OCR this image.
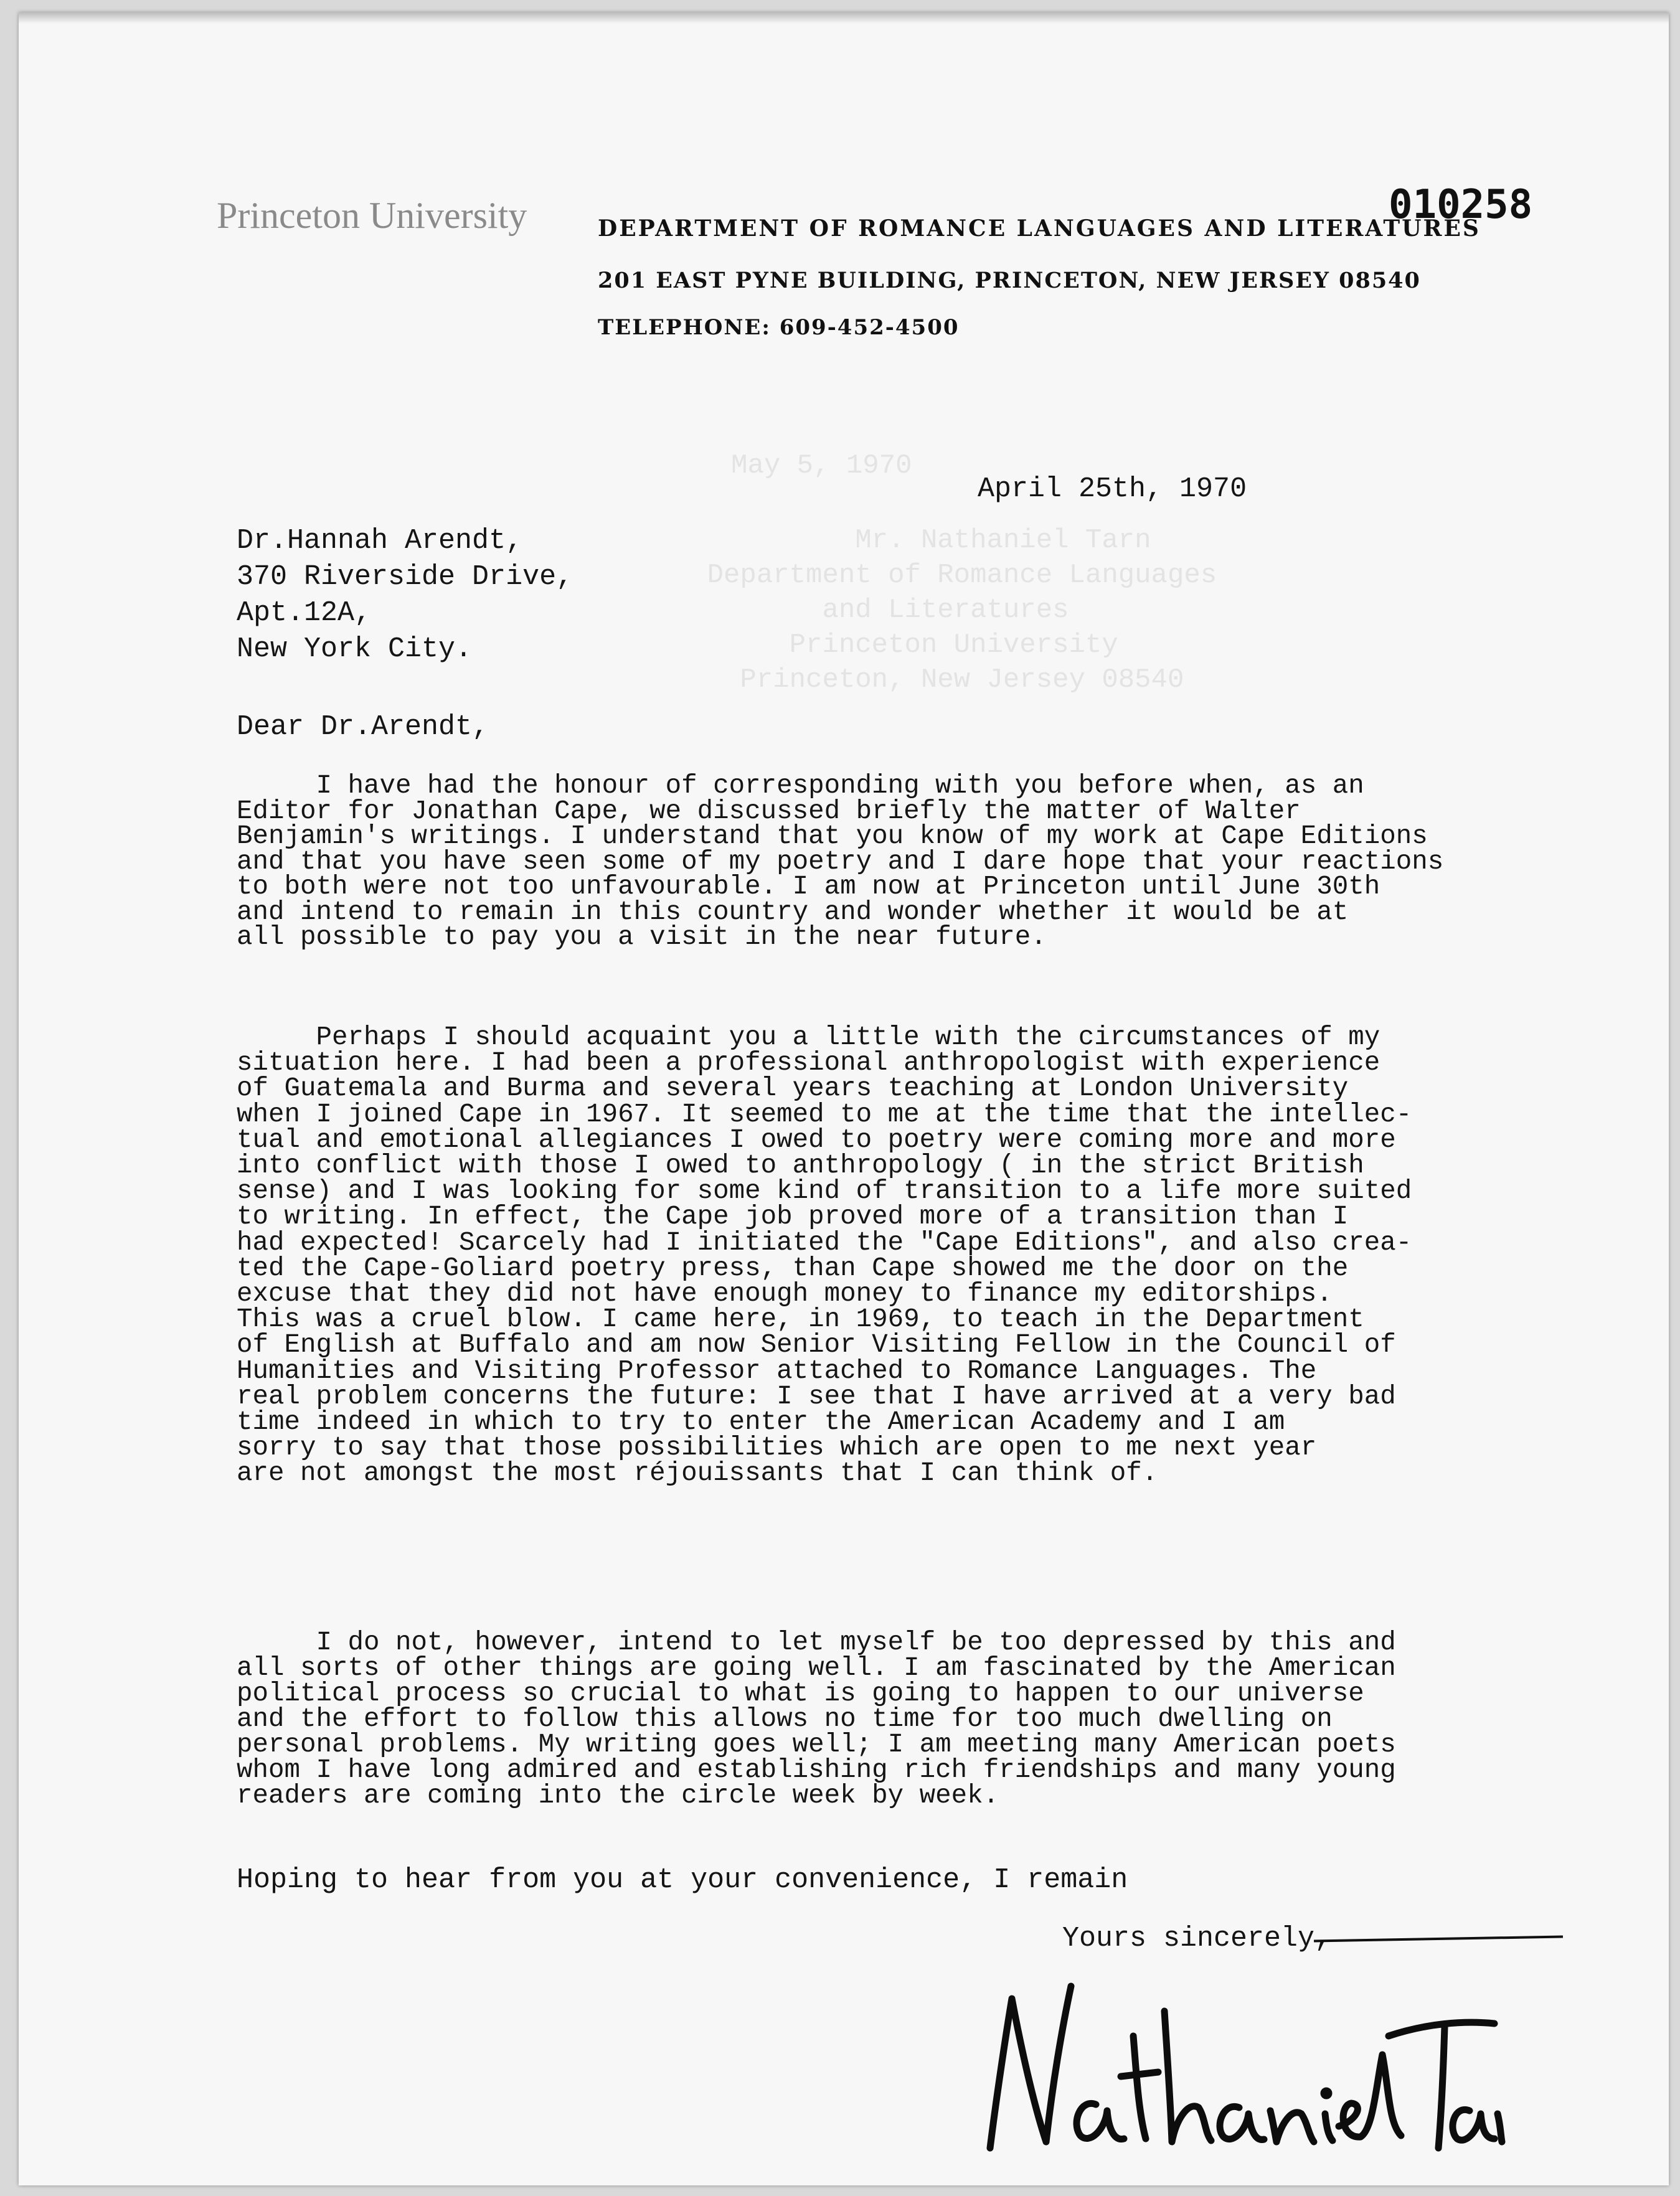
May 5, 1970
Mr. Nathaniel Tarn
Department of Romance Languages
and Literatures
Princeton University
Princeton, New Jersey 08540
Princeton University	DEPARTMENT OF ROMANCE LANGUAGES AND LITERATURES
201 EAST PYNE BUILDING, PRINCETON, NEW JERSEY 08540
TELEPHONE: 609-452-4500
010258
April 25th, 1970
Dr.Hannah Arendt,
370 Riverside Drive,
Apt.12A,
New York City.
Dear Dr.Arendt,
I have had the honour of corresponding with you before when, as an
Editor for Jonathan Cape, we discussed briefly the matter of Walter
Benjamin's writings. I understand that you know of my work at Cape Editions
and that you have seen some of my poetry and I dare hope that your reactions
to both were not too unfavourable. I am now at Princeton until June 30th
and intend to remain in this country and wonder whether it would be at
all possible to pay you a visit in the near future.
Perhaps I should acquaint you a little with the circumstances of my
situation here. I had been a professional anthropologist with experience
of Guatemala and Burma and several years teaching at London University
when I joined Cape in 1967. It seemed to me at the time that the intellec-
tual and emotional allegiances I owed to poetry were coming more and more
into conflict with those I owed to anthropology ( in the strict British
sense) and I was looking for some kind of transition to a life more suited
to writing. In effect, the Cape job proved more of a transition than I
had expected! Scarcely had I initiated the "Cape Editions", and also crea-
ted the Cape-Goliard poetry press, than Cape showed me the door on the
excuse that they did not have enough money to finance my editorships.
This was a cruel blow. I came here, in 1969, to teach in the Department
of English at Buffalo and am now Senior Visiting Fellow in the Council of
Humanities and Visiting Professor attached to Romance Languages. The
real problem concerns the future: I see that I have arrived at a very bad
time indeed in which to try to enter the American Academy and I am
sorry to say that those possibilities which are open to me next year
are not amongst the most réjouissants that I can think of.
I do not, however, intend to let myself be too depressed by this and
all sorts of other things are going well. I am fascinated by the American
political process so crucial to what is going to happen to our universe
and the effort to follow this allows no time for too much dwelling on
personal problems. My writing goes well; I am meeting many American poets
whom I have long admired and establishing rich friendships and many young
readers are coming into the circle week by week.
Hoping to hear from you at your convenience, I remain
Yours sincerely,
Nathaniel Tarn
